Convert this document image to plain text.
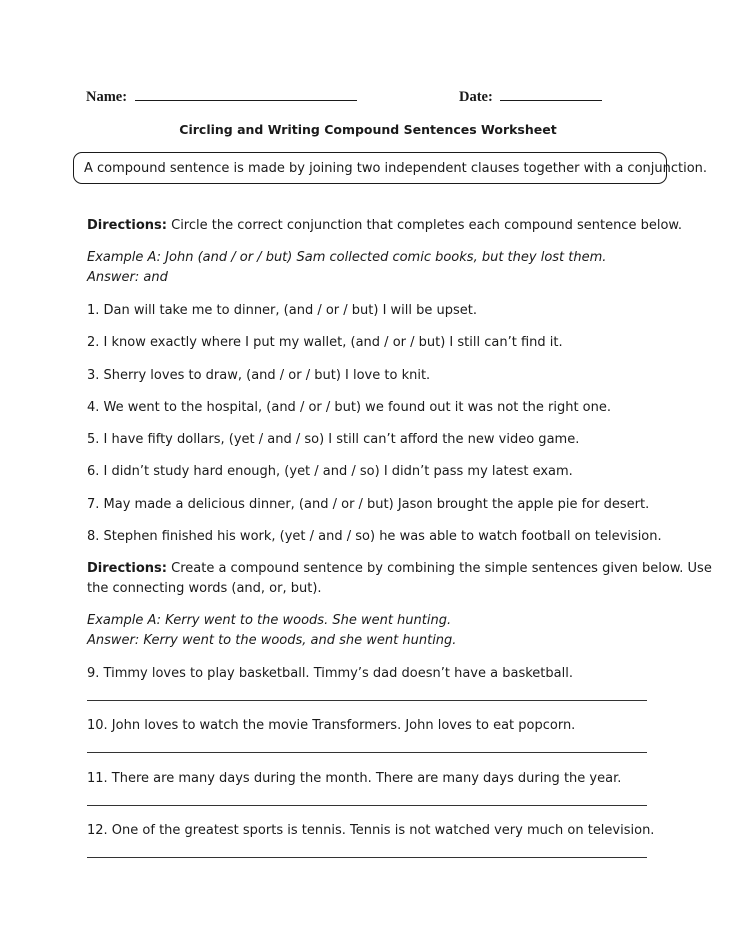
Name:	Date:
Circling and Writing Compound Sentences Worksheet
A compound sentence is made by joining two independent clauses together with a conjunction.
Directions: Circle the correct conjunction that completes each compound sentence below.
Example A: John (and / or / but) Sam collected comic books, but they lost them.
Answer: and
1. Dan will take me to dinner, (and / or / but) I will be upset.
2. I know exactly where I put my wallet, (and / or / but) I still can’t find it.
3. Sherry loves to draw, (and / or / but) I love to knit.
4. We went to the hospital, (and / or / but) we found out it was not the right one.
5. I have fifty dollars, (yet / and / so) I still can’t afford the new video game.
6. I didn’t study hard enough, (yet / and / so) I didn’t pass my latest exam.
7. May made a delicious dinner, (and / or / but) Jason brought the apple pie for desert.
8. Stephen finished his work, (yet / and / so) he was able to watch football on television.
Directions: Create a compound sentence by combining the simple sentences given below. Use
the connecting words (and, or, but).
Example A: Kerry went to the woods. She went hunting.
Answer: Kerry went to the woods, and she went hunting.
9. Timmy loves to play basketball. Timmy’s dad doesn’t have a basketball.
10. John loves to watch the movie Transformers. John loves to eat popcorn.
11. There are many days during the month. There are many days during the year.
12. One of the greatest sports is tennis. Tennis is not watched very much on television.
